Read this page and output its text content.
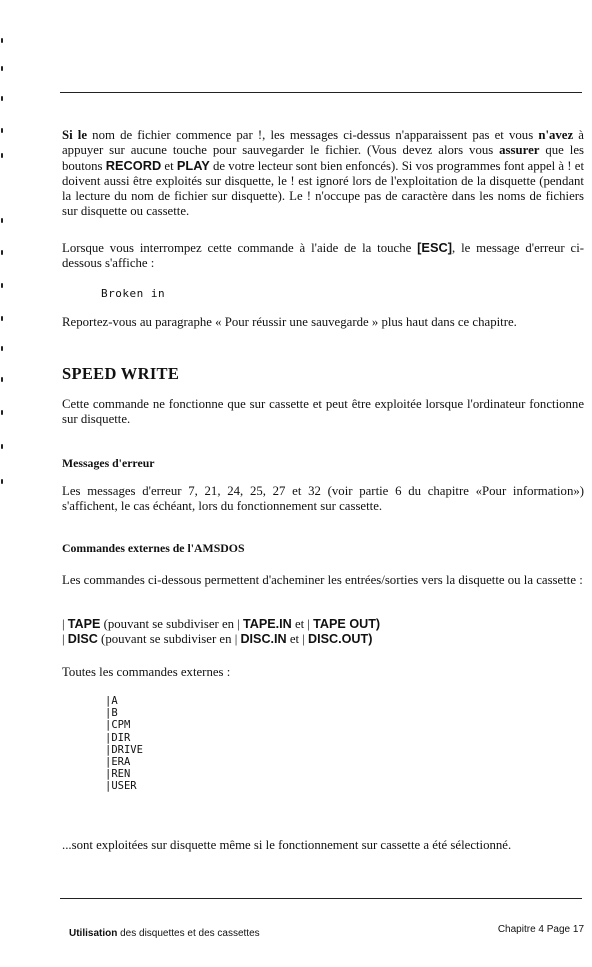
Si le nom de fichier commence par !, les messages ci-dessus n'apparaissent pas et vous n'avez à appuyer sur aucune touche pour sauvegarder le fichier. (Vous devez alors vous assurer que les boutons RECORD et PLAY de votre lecteur sont bien enfoncés). Si vos programmes font appel à ! et doivent aussi être exploités sur disquette, le ! est ignoré lors de l'exploitation de la disquette (pendant la lecture du nom de fichier sur disquette). Le ! n'occupe pas de caractère dans les noms de fichiers sur disquette ou cassette.

Lorsque vous interrompez cette commande à l'aide de la touche [ESC], le message d'erreur ci-dessous s'affiche :

Broken in

Reportez-vous au paragraphe « Pour réussir une sauvegarde » plus haut dans ce chapitre.

SPEED WRITE

Cette commande ne fonctionne que sur cassette et peut être exploitée lorsque l'ordinateur fonctionne sur disquette.

Messages d'erreur

Les messages d'erreur 7, 21, 24, 25, 27 et 32 (voir partie 6 du chapitre «Pour information») s'affichent, le cas échéant, lors du fonctionnement sur cassette.

Commandes externes de l'AMSDOS

Les commandes ci-dessous permettent d'acheminer les entrées/sorties vers la disquette ou la cassette :

| TAPE (pouvant se subdiviser en | TAPE.IN et | TAPE OUT)
| DISC (pouvant se subdiviser en | DISC.IN et | DISC.OUT)

Toutes les commandes externes :

|A
|B
|CPM
|DIR
|DRIVE
|ERA
|REN
|USER

...sont exploitées sur disquette même si le fonctionnement sur cassette a été sélectionné.

Utilisation des disquettes et des cassettes	Chapitre 4 Page 17
